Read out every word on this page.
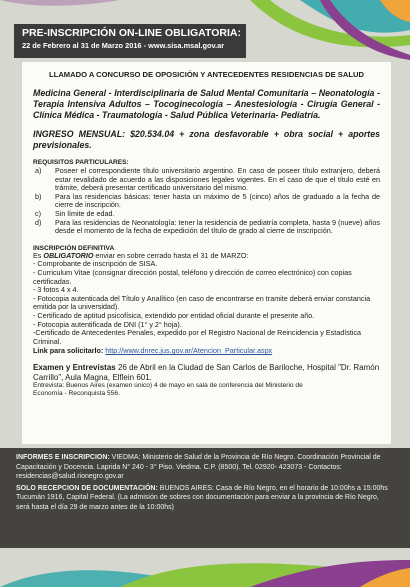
PRE-INSCRIPCIÓN ON-LINE OBLIGATORIA:
22 de Febrero al 31 de Marzo 2016 - www.sisa.msal.gov.ar
LLAMADO A CONCURSO DE OPOSICIÓN Y ANTECEDENTES RESIDENCIAS DE SALUD
Medicina General - Interdisciplinaria de Salud Mental Comunitaria – Neonatología - Terapia Intensiva Adultos – Tocoginecología – Anestesiología - Cirugía General - Clínica Médica - Traumatología - Salud Pública Veterinaria- Pediatría.
INGRESO MENSUAL: $20.534.04 + zona desfavorable + obra social + aportes previsionales.
REQUISITOS PARTICULARES:
a)	Poseer el correspondiente título universitario argentino. En caso de poseer título extranjero, deberá estar revalidado de acuerdo a las disposiciones legales vigentes. En el caso de que el título esté en trámite, deberá presentar certificado universitario del mismo.
b)	Para las residencias básicas: tener hasta un máximo de 5 (cinco) años de graduado a la fecha de cierre de inscripción.
c)	Sin límite de edad.
d)	Para las residencias de Neonatología: tener la residencia de pediatría completa, hasta 9 (nueve) años desde el momento de la fecha de expedición del título de grado al cierre de inscripción.
INSCRIPCIÓN DEFINITIVA
Es OBLIGATORIO enviar en sobre cerrado hasta el 31 de MARZO:
- Comprobante de inscripción de SISA.
- Curriculum Vitae (consignar dirección postal, teléfono y dirección de correo electrónico) con copias certificadas.
- 3 fotos 4 x 4.
- Fotocopia autenticada del Título y Analítico (en caso de encontrarse en tramite deberá enviar constancia emitida por la universidad).
- Certificado de aptitud psicofísica, extendido por entidad oficial durante el presente año.
- Fotocopia autentificada de DNI (1° y 2° hoja).
-Certificado de Antecedentes Penales, expedido por el Registro Nacional de Reincidencia y Estadística Criminal.
Link para solicitarlo: http://www.dnrec.jus.gov.ar/Atencion_Particular.aspx
Examen y Entrevistas 26 de Abril en la Ciudad de San Carlos de Bariloche, Hospital "Dr. Ramón Carrillo", Aula Magna, Elflein 601.
Entrevista: Buenos Aires (examen único) 4 de mayo en sala de conferencia del Ministerio de
Economía - Reconquista 556.

INFORMES E INSCRIPCION: VIEDMA: Ministerio de Salud de la Provincia de Río Negro. Coordinación Provincial de Capacitación y Docencia. Laprida N° 240 - 3° Piso. Viedma. C.P. (8500). Tel. 02920- 423073 - Contactos: residencias@salud.rionegro.gov.ar

SOLO RECEPCION DE DOCUMENTACIÓN: BUENOS AIRES: Casa de Río Negro, en el horario de 10:00hs a 15:00hs Tucumán 1916, Capital Federal. (La admisión de sobres con documentación para enviar a la provincia de Río Negro, será hasta el día 29 de marzo antes de la 10:00hs)
